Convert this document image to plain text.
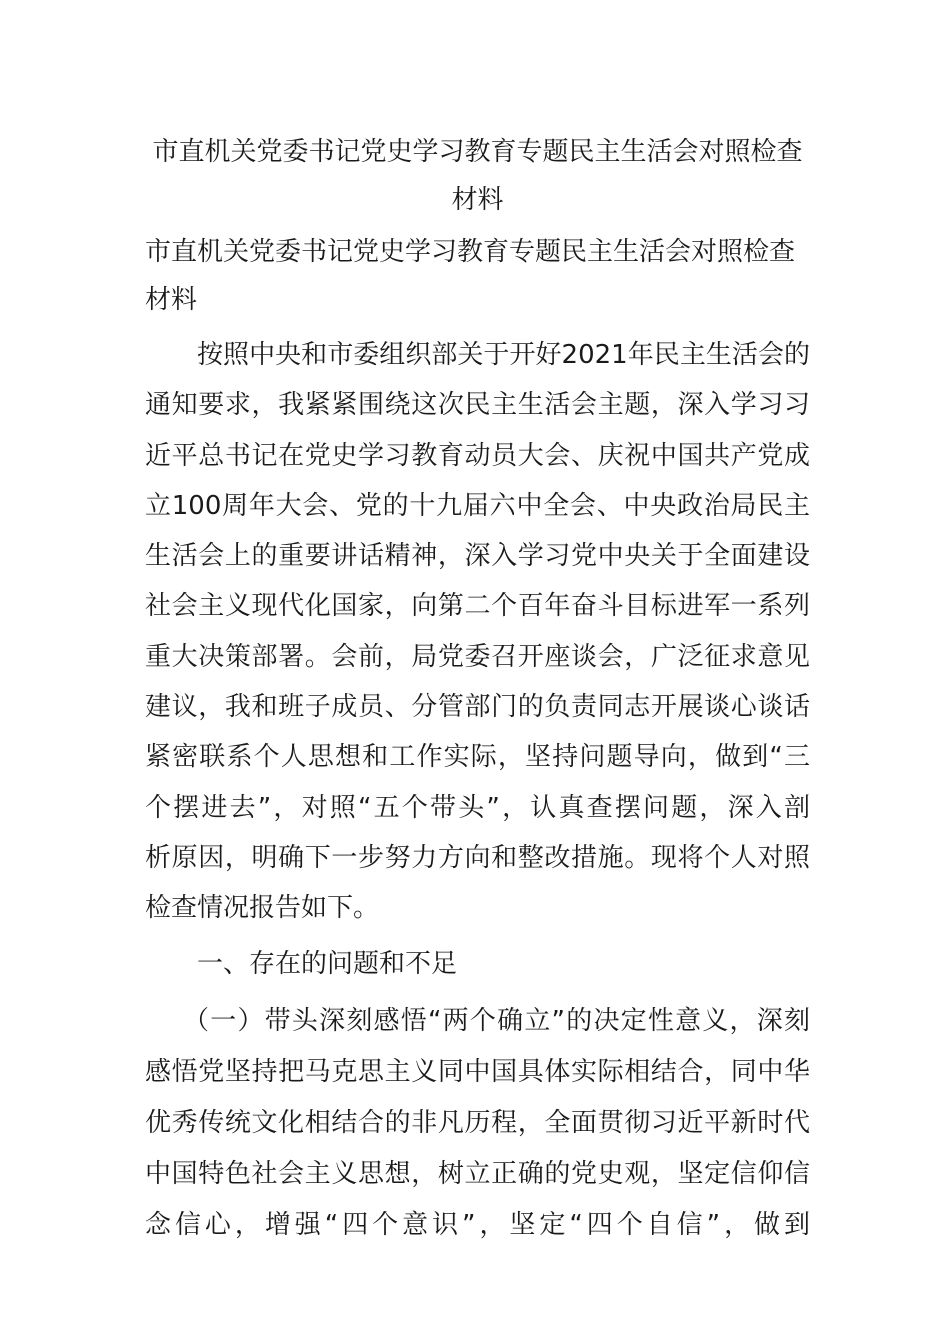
市直机关党委书记党史学习教育专题民主生活会对照检查
材料
市直机关党委书记党史学习教育专题民主生活会对照检查
材料
按照中央和市委组织部关于开好2021年民主生活会的
通知要求，我紧紧围绕这次民主生活会主题，深入学习习
近平总书记在党史学习教育动员大会、庆祝中国共产党成
立100周年大会、党的十九届六中全会、中央政治局民主
生活会上的重要讲话精神，深入学习党中央关于全面建设
社会主义现代化国家，向第二个百年奋斗目标进军一系列
重大决策部署。会前，局党委召开座谈会，广泛征求意见
建议，我和班子成员、分管部门的负责同志开展谈心谈话
紧密联系个人思想和工作实际，坚持问题导向，做到“三
个摆进去”，对照“五个带头”，认真查摆问题，深入剖
析原因，明确下一步努力方向和整改措施。现将个人对照
检查情况报告如下。
一、存在的问题和不足
（一）带头深刻感悟“两个确立”的决定性意义，深刻
感悟党坚持把马克思主义同中国具体实际相结合，同中华
优秀传统文化相结合的非凡历程，全面贯彻习近平新时代
中国特色社会主义思想，树立正确的党史观，坚定信仰信
念信心，增强“四个意识”，坚定“四个自信”，做到
